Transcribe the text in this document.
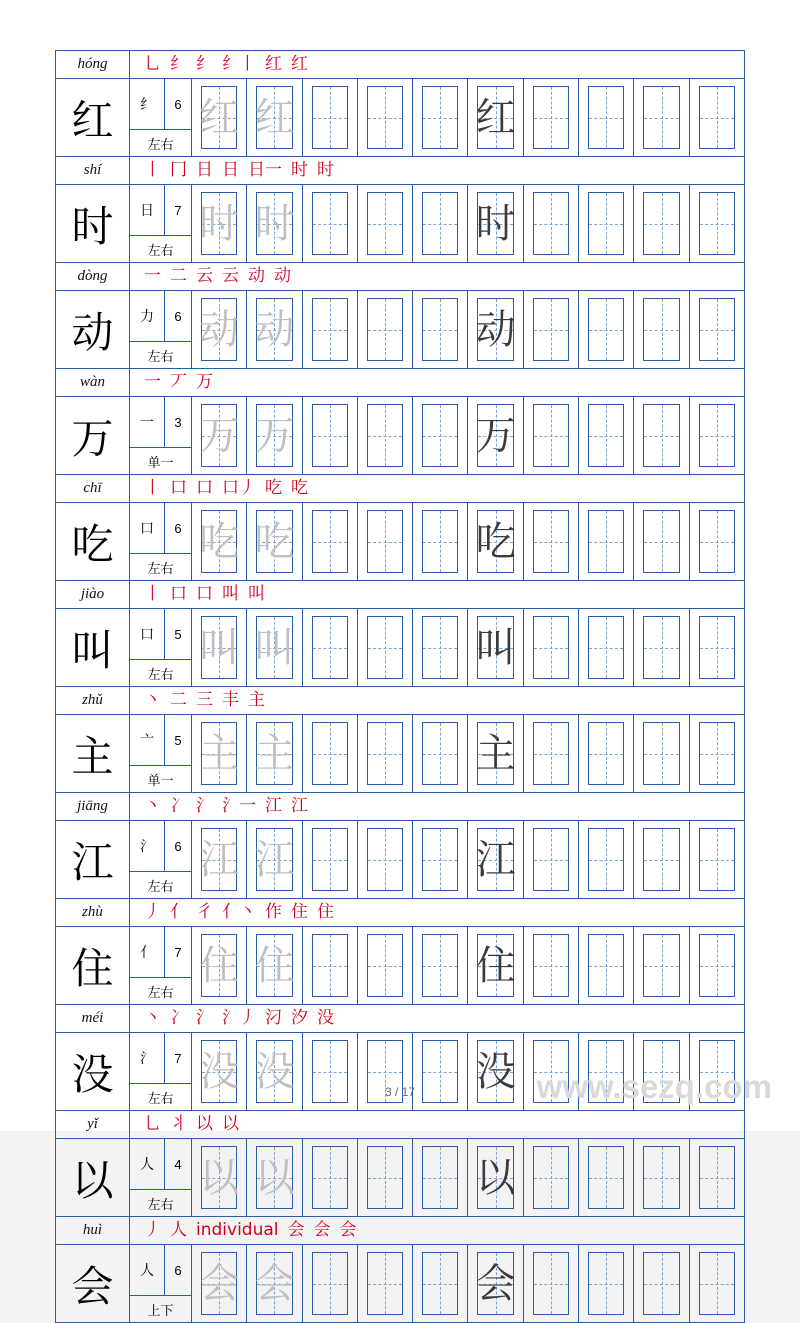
hóng	乚 纟 纟 纟丨 红 红
红	纟	6
左右
红 红	红
shí	丨 冂 日 日 日一 时 时
时	日	7
左右
时 时	时
dòng	一 二 云 云 动 动
动	力	6
左右
动 动	动
wàn	一 丆 万
万	一	3
单一
万 万	万
chī	丨 口 口 口丿 吃 吃
吃	口	6
左右
吃 吃	吃
jiào	丨 口 口 叫 叫
叫	口	5
左右
叫 叫	叫
zhǔ	丶 二 三 丰 主
主	亠	5
单一
主 主	主
jiāng	丶 冫 氵 氵一 江 江
江	氵	6
左右
江 江	江
zhù	丿 亻 彳 亻丶 作 住 住
住	亻	7
左右
住 住	住
méi	丶 冫 氵 氵丿 汈 汐 没
没	氵	7
左右
没 没	没
yǐ	乚 丬 以 以
以	人	4
左右
以 以	以
huì	丿 人 individual 会 会 会
会	人	6
上下
会 会	会
3 / 17	www.sezq.com
